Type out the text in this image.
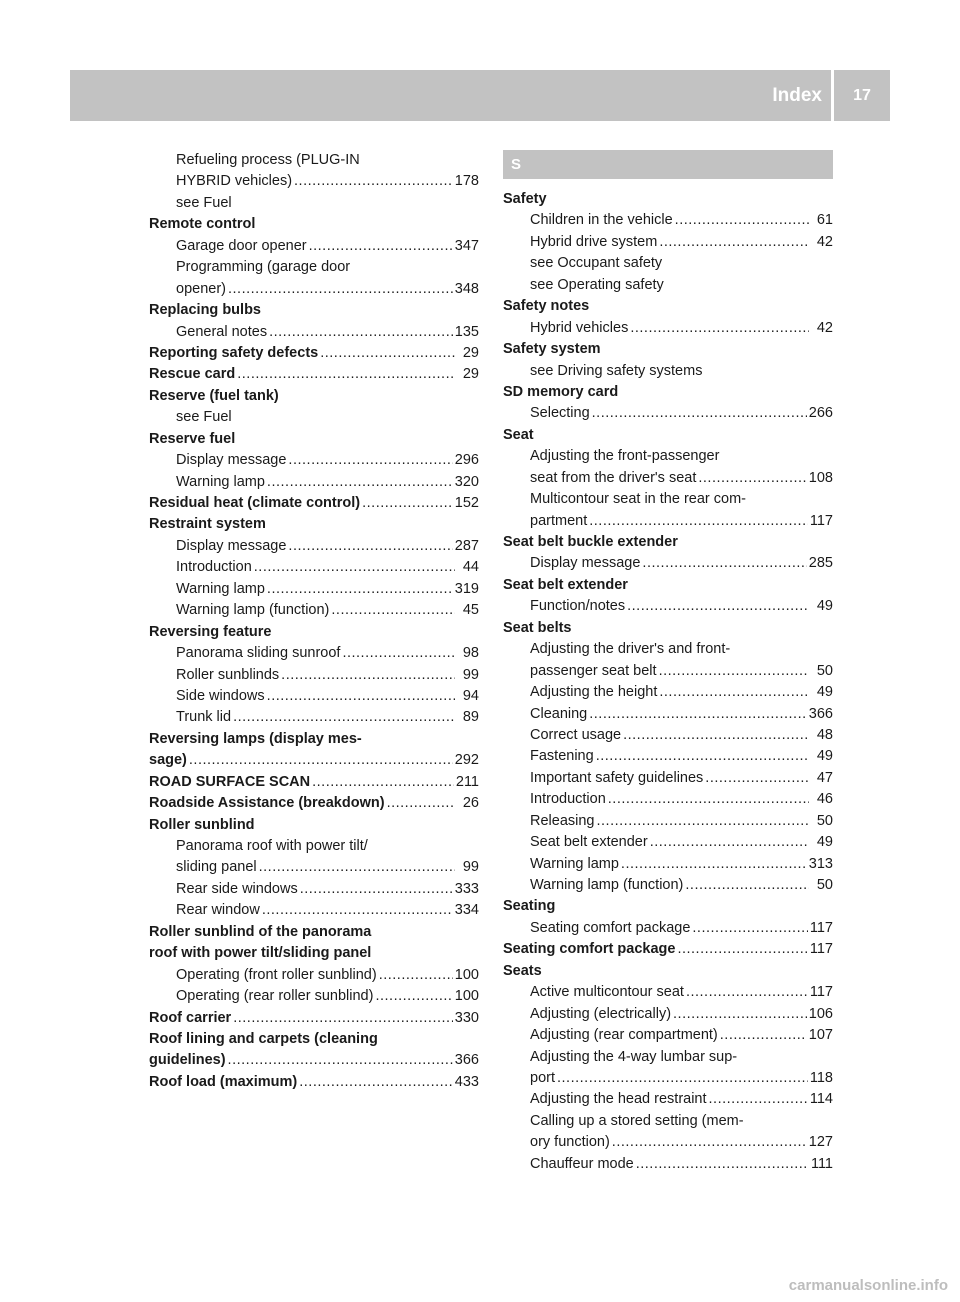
Index	17
Refueling process (PLUG-IN
HYBRID vehicles) .....	178
see Fuel
Remote control
Garage door opener .....	347
Programming (garage door
opener) .....	348
Replacing bulbs
General notes .....	135
Reporting safety defects .....	29
Rescue card .....	29
Reserve (fuel tank)
see Fuel
Reserve fuel
Display message .....	296
Warning lamp .....	320
Residual heat (climate control) .....	152
Restraint system
Display message .....	287
Introduction .....	44
Warning lamp .....	319
Warning lamp (function) .....	45
Reversing feature
Panorama sliding sunroof .....	98
Roller sunblinds .....	99
Side windows .....	94
Trunk lid .....	89
Reversing lamps (display mes-
sage) .....	292
ROAD SURFACE SCAN .....	211
Roadside Assistance (breakdown) .....	26
Roller sunblind
Panorama roof with power tilt/
sliding panel .....	99
Rear side windows .....	333
Rear window .....	334
Roller sunblind of the panorama
roof with power tilt/sliding panel
Operating (front roller sunblind) .....	100
Operating (rear roller sunblind) .....	100
Roof carrier .....	330
Roof lining and carpets (cleaning
guidelines) .....	366
Roof load (maximum) .....	433
S
Safety
Children in the vehicle .....	61
Hybrid drive system .....	42
see Occupant safety
see Operating safety
Safety notes
Hybrid vehicles .....	42
Safety system
see Driving safety systems
SD memory card
Selecting .....	266
Seat
Adjusting the front-passenger
seat from the driver's seat .....	108
Multicontour seat in the rear com-
partment .....	117
Seat belt buckle extender
Display message .....	285
Seat belt extender
Function/notes .....	49
Seat belts
Adjusting the driver's and front-
passenger seat belt .....	50
Adjusting the height .....	49
Cleaning .....	366
Correct usage .....	48
Fastening .....	49
Important safety guidelines .....	47
Introduction .....	46
Releasing .....	50
Seat belt extender .....	49
Warning lamp .....	313
Warning lamp (function) .....	50
Seating
Seating comfort package .....	117
Seating comfort package .....	117
Seats
Active multicontour seat .....	117
Adjusting (electrically) .....	106
Adjusting (rear compartment) .....	107
Adjusting the 4-way lumbar sup-
port .....	118
Adjusting the head restraint .....	114
Calling up a stored setting (mem-
ory function) .....	127
Chauffeur mode .....	111
carmanualsonline.info
